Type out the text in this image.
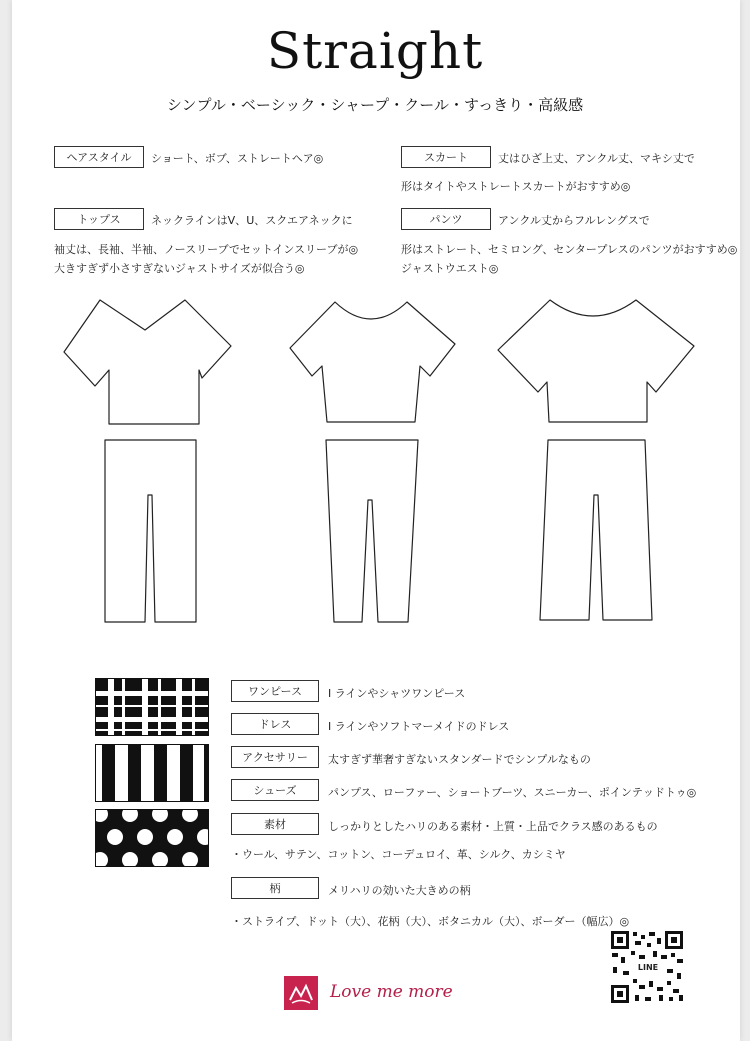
Straight
シンプル・ベーシック・シャープ・クール・すっきり・高級感
ヘアスタイル	ショート、ボブ、ストレートヘア◎	スカート	丈はひざ上丈、アンクル丈、マキシ丈で
形はタイトやストレートスカートがおすすめ◎
トップス	ネックラインはV、U、スクエアネックに
袖丈は、長袖、半袖、ノースリーブでセットインスリーブが◎
大きすぎず小さすぎないジャストサイズが似合う◎
パンツ	アンクル丈からフルレングスで
形はストレート、セミロング、センタープレスのパンツがおすすめ◎
ジャストウエスト◎
ワンピース	I ラインやシャツワンピース
ドレス	I ラインやソフトマーメイドのドレス
アクセサリー	太すぎず華奢すぎないスタンダードでシンプルなもの
シューズ	パンプス、ローファー、ショートブーツ、スニーカー、ポインテッドトゥ◎
素材	しっかりとしたハリのある素材・上質・上品でクラス感のあるもの
・ウール、サテン、コットン、コーデュロイ、革、シルク、カシミヤ
柄	メリハリの効いた大きめの柄
・ストライプ、ドット（大）、花柄（大）、ボタニカル（大）、ボーダー（幅広）◎
Love me more
LINE
